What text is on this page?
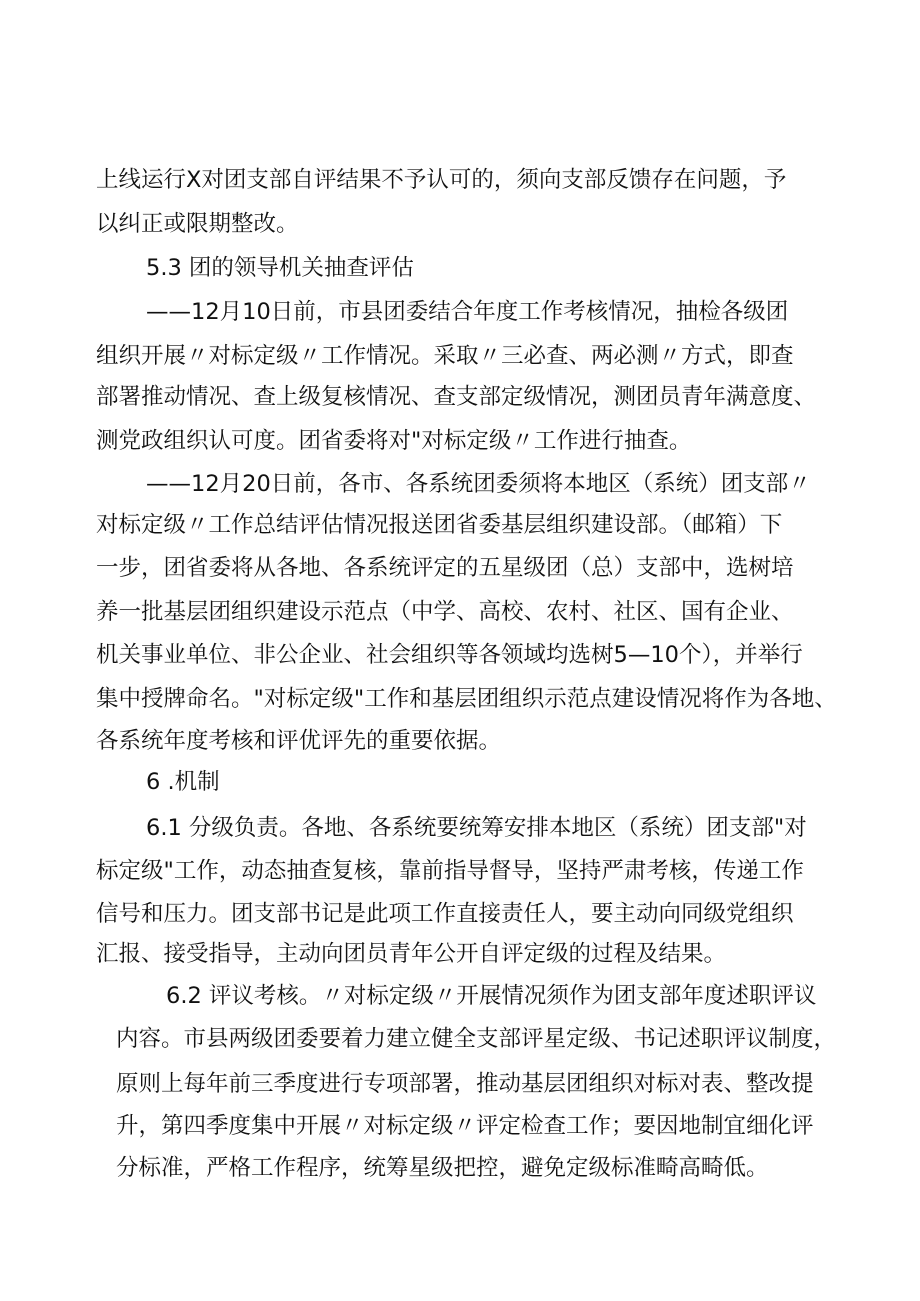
上线运行X对团支部自评结果不予认可的，须向支部反馈存在问题，予
以纠正或限期整改。
5.3 团的领导机关抽查评估
——12月10日前，市县团委结合年度工作考核情况，抽检各级团
组织开展〃对标定级〃工作情况。采取〃三必查、两必测〃方式，即查
部署推动情况、查上级复核情况、查支部定级情况，测团员青年满意度、
测党政组织认可度。团省委将对"对标定级〃工作进行抽查。
——12月20日前，各市、各系统团委须将本地区（系统）团支部〃
对标定级〃工作总结评估情况报送团省委基层组织建设部。（邮箱）下
一步，团省委将从各地、各系统评定的五星级团（总）支部中，选树培
养一批基层团组织建设示范点（中学、高校、农村、社区、国有企业、
机关事业单位、非公企业、社会组织等各领域均选树5—10个），并举行
集中授牌命名。"对标定级"工作和基层团组织示范点建设情况将作为各地、
各系统年度考核和评优评先的重要依据。
6 .机制
6.1 分级负责。各地、各系统要统筹安排本地区（系统）团支部"对
标定级"工作，动态抽查复核，靠前指导督导，坚持严肃考核，传递工作
信号和压力。团支部书记是此项工作直接责任人，要主动向同级党组织
汇报、接受指导，主动向团员青年公开自评定级的过程及结果。
6.2 评议考核。〃对标定级〃开展情况须作为团支部年度述职评议
内容。市县两级团委要着力建立健全支部评星定级、书记述职评议制度，
原则上每年前三季度进行专项部署，推动基层团组织对标对表、整改提
升，第四季度集中开展〃对标定级〃评定检查工作；要因地制宜细化评
分标准，严格工作程序，统筹星级把控，避免定级标准畸高畸低。
